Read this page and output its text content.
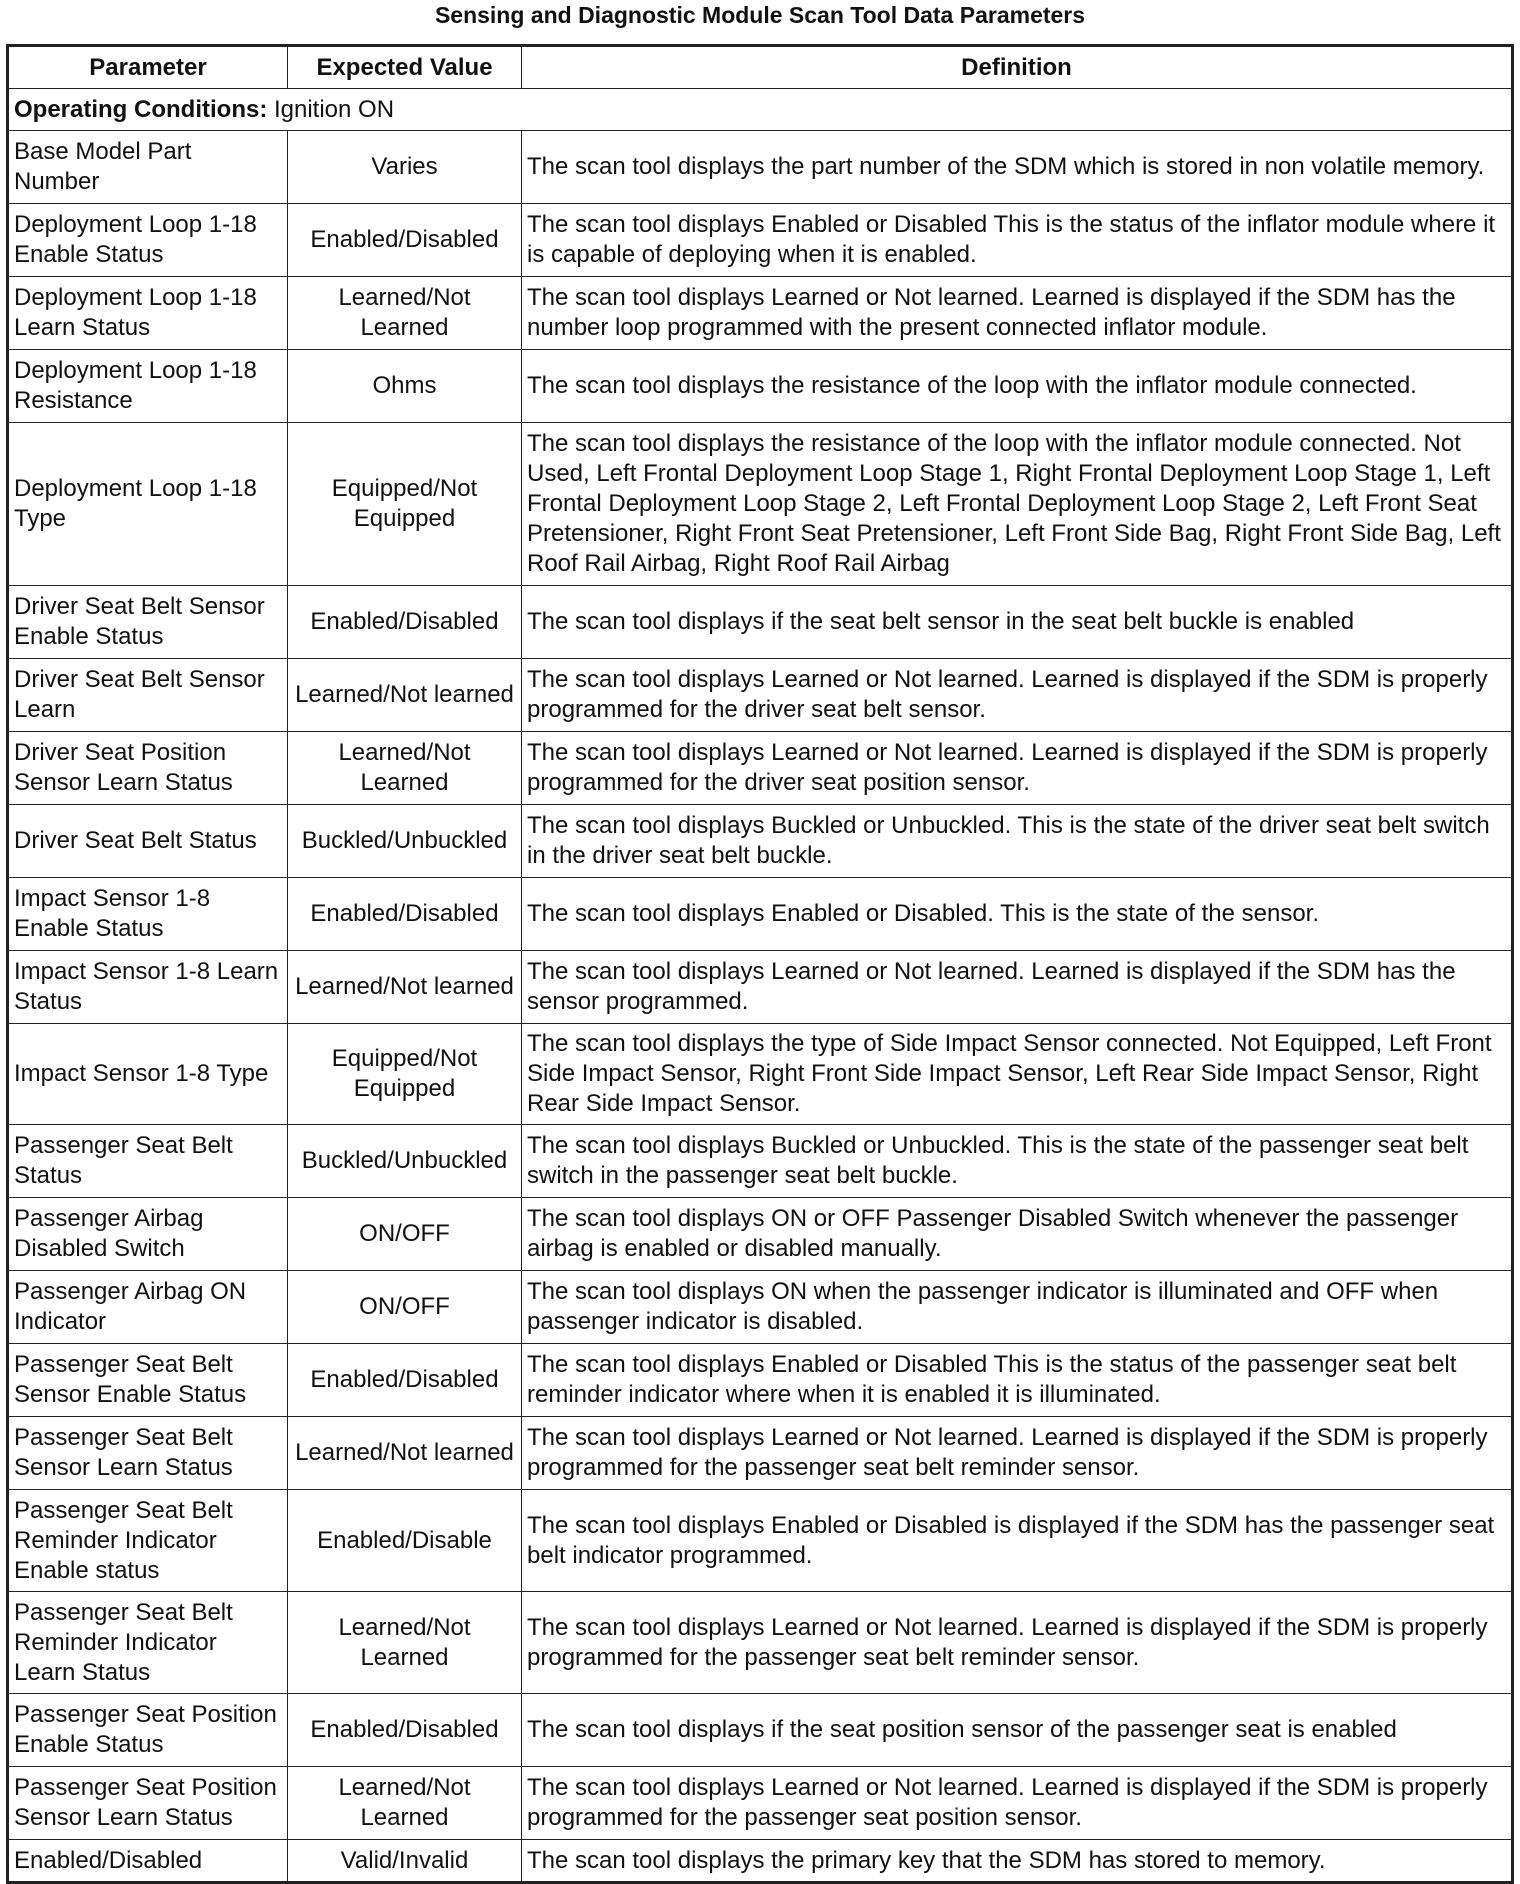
Sensing and Diagnostic Module Scan Tool Data Parameters
Parameter	Expected Value	Definition
Operating Conditions: Ignition ON		
Base Model Part Number	Varies	The scan tool displays the part number of the SDM which is stored in non volatile memory.
Deployment Loop 1-18 Enable Status	Enabled/Disabled	The scan tool displays Enabled or Disabled This is the status of the inflator module where it is capable of deploying when it is enabled.
Deployment Loop 1-18 Learn Status	Learned/Not Learned	The scan tool displays Learned or Not learned. Learned is displayed if the SDM has the number loop programmed with the present connected inflator module.
Deployment Loop 1-18 Resistance	Ohms	The scan tool displays the resistance of the loop with the inflator module connected.
Deployment Loop 1-18 Type	Equipped/Not Equipped	The scan tool displays the resistance of the loop with the inflator module connected. Not Used, Left Frontal Deployment Loop Stage 1, Right Frontal Deployment Loop Stage 1, Left Frontal Deployment Loop Stage 2, Left Frontal Deployment Loop Stage 2, Left Front Seat Pretensioner, Right Front Seat Pretensioner, Left Front Side Bag, Right Front Side Bag, Left Roof Rail Airbag, Right Roof Rail Airbag
Driver Seat Belt Sensor Enable Status	Enabled/Disabled	The scan tool displays if the seat belt sensor in the seat belt buckle is enabled
Driver Seat Belt Sensor Learn	Learned/Not learned	The scan tool displays Learned or Not learned. Learned is displayed if the SDM is properly programmed for the driver seat belt sensor.
Driver Seat Position Sensor Learn Status	Learned/Not Learned	The scan tool displays Learned or Not learned. Learned is displayed if the SDM is properly programmed for the driver seat position sensor.
Driver Seat Belt Status	Buckled/Unbuckled	The scan tool displays Buckled or Unbuckled. This is the state of the driver seat belt switch in the driver seat belt buckle.
Impact Sensor 1-8 Enable Status	Enabled/Disabled	The scan tool displays Enabled or Disabled. This is the state of the sensor.
Impact Sensor 1-8 Learn Status	Learned/Not learned	The scan tool displays Learned or Not learned. Learned is displayed if the SDM has the sensor programmed.
Impact Sensor 1-8 Type	Equipped/Not Equipped	The scan tool displays the type of Side Impact Sensor connected. Not Equipped, Left Front Side Impact Sensor, Right Front Side Impact Sensor, Left Rear Side Impact Sensor, Right Rear Side Impact Sensor.
Passenger Seat Belt Status	Buckled/Unbuckled	The scan tool displays Buckled or Unbuckled. This is the state of the passenger seat belt switch in the passenger seat belt buckle.
Passenger Airbag Disabled Switch	ON/OFF	The scan tool displays ON or OFF Passenger Disabled Switch whenever the passenger airbag is enabled or disabled manually.
Passenger Airbag ON Indicator	ON/OFF	The scan tool displays ON when the passenger indicator is illuminated and OFF when passenger indicator is disabled.
Passenger Seat Belt Sensor Enable Status	Enabled/Disabled	The scan tool displays Enabled or Disabled This is the status of the passenger seat belt reminder indicator where when it is enabled it is illuminated.
Passenger Seat Belt Sensor Learn Status	Learned/Not learned	The scan tool displays Learned or Not learned. Learned is displayed if the SDM is properly programmed for the passenger seat belt reminder sensor.
Passenger Seat Belt Reminder Indicator Enable status	Enabled/Disable	The scan tool displays Enabled or Disabled is displayed if the SDM has the passenger seat belt indicator programmed.
Passenger Seat Belt Reminder Indicator Learn Status	Learned/Not Learned	The scan tool displays Learned or Not learned. Learned is displayed if the SDM is properly programmed for the passenger seat belt reminder sensor.
Passenger Seat Position Enable Status	Enabled/Disabled	The scan tool displays if the seat position sensor of the passenger seat is enabled
Passenger Seat Position Sensor Learn Status	Learned/Not Learned	The scan tool displays Learned or Not learned. Learned is displayed if the SDM is properly programmed for the passenger seat position sensor.
Enabled/Disabled	Valid/Invalid	The scan tool displays the primary key that the SDM has stored to memory.
